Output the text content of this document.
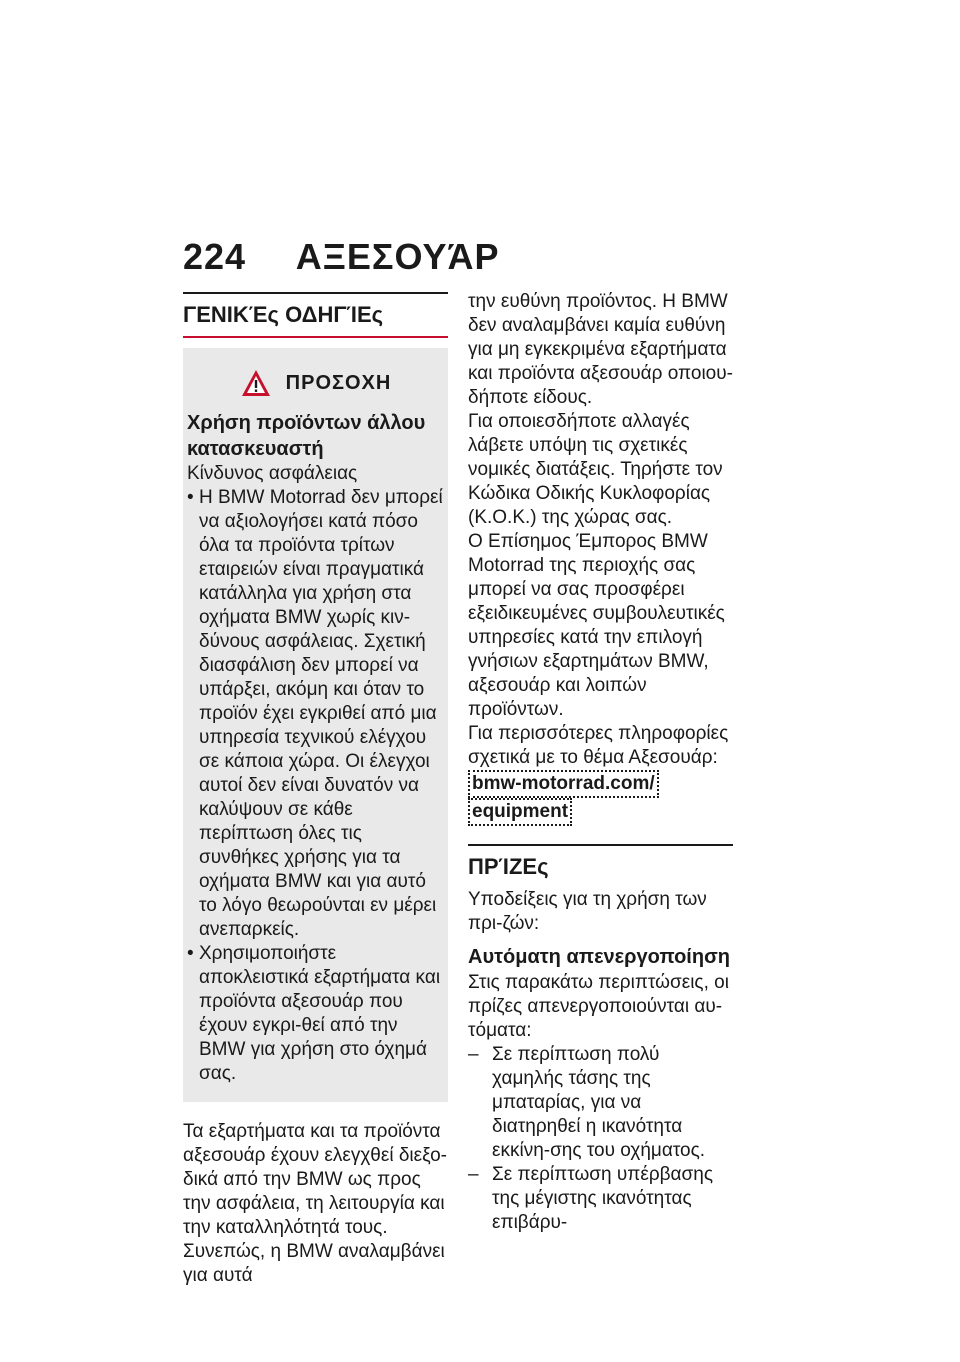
224 ΑΞΕΣΟΥΆΡ
ΓΕΝΙΚΈς ΟΔΗΓΊΕς
ΠΡΟΣΟΧΗ
Χρήση προϊόντων άλλου κατασκευαστή

Κίνδυνος ασφάλειας

• Η BMW Motorrad δεν μπορεί να αξιολογήσει κατά πόσο όλα τα προϊόντα τρίτων εταιρειών είναι πραγματικά κατάλληλα για χρήση στα οχήματα BMW χωρίς κιν-δύνους ασφάλειας. Σχετική διασφάλιση δεν μπορεί να υπάρξει, ακόμη και όταν το προϊόν έχει εγκριθεί από μια υπηρεσία τεχνικού ελέγχου σε κάποια χώρα. Οι έλεγχοι αυτοί δεν είναι δυνατόν να καλύψουν σε κάθε περίπτωση όλες τις συνθήκες χρήσης για τα οχήματα BMW και για αυτό το λόγο θεωρούνται εν μέρει ανεπαρκείς.
• Χρησιμοποιήστε αποκλειστικά εξαρτήματα και προϊόντα αξεσουάρ που έχουν εγκρι-θεί από την BMW για χρήση στο όχημά σας.

Τα εξαρτήματα και τα προϊόντα αξεσουάρ έχουν ελεγχθεί διεξο-δικά από την BMW ως προς την ασφάλεια, τη λειτουργία και την καταλληλότητά τους. Συνεπώς, η BMW αναλαμβάνει για αυτά

την ευθύνη προϊόντος. Η BMW δεν αναλαμβάνει καμία ευθύνη για μη εγκεκριμένα εξαρτήματα και προϊόντα αξεσουάρ οποιου-δήποτε είδους.

Για οποιεσδήποτε αλλαγές λάβετε υπόψη τις σχετικές νομικές διατάξεις. Τηρήστε τον Κώδικα Οδικής Κυκλοφορίας (Κ.Ο.Κ.) της χώρας σας.

Ο Επίσημος Έμπορος BMW Motorrad της περιοχής σας μπορεί να σας προσφέρει εξειδικευμένες συμβουλευτικές υπηρεσίες κατά την επιλογή γνήσιων εξαρτημάτων BMW, αξεσουάρ και λοιπών προϊόντων.

Για περισσότερες πληροφορίες σχετικά με το θέμα Αξεσουάρ:

bmw-motorrad.com/
equipment
ΠΡΊΖΕς

Υποδείξεις για τη χρήση των πρι-ζών:

Αυτόματη απενεργοποίηση

Στις παρακάτω περιπτώσεις, οι πρίζες απενεργοποιούνται αυ-τόματα:

– Σε περίπτωση πολύ χαμηλής τάσης της μπαταρίας, για να διατηρηθεί η ικανότητα εκκίνη-σης του οχήματος.
– Σε περίπτωση υπέρβασης της μέγιστης ικανότητας επιβάρυ-
